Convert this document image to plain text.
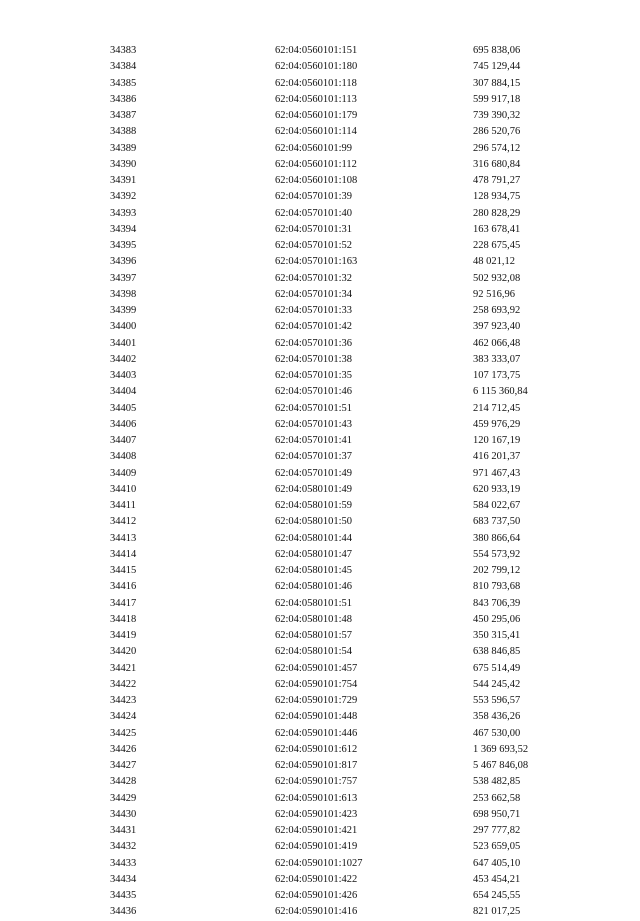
34383	62:04:0560101:151	695 838,06
34384	62:04:0560101:180	745 129,44
34385	62:04:0560101:118	307 884,15
34386	62:04:0560101:113	599 917,18
34387	62:04:0560101:179	739 390,32
34388	62:04:0560101:114	286 520,76
34389	62:04:0560101:99	296 574,12
34390	62:04:0560101:112	316 680,84
34391	62:04:0560101:108	478 791,27
34392	62:04:0570101:39	128 934,75
34393	62:04:0570101:40	280 828,29
34394	62:04:0570101:31	163 678,41
34395	62:04:0570101:52	228 675,45
34396	62:04:0570101:163	48 021,12
34397	62:04:0570101:32	502 932,08
34398	62:04:0570101:34	92 516,96
34399	62:04:0570101:33	258 693,92
34400	62:04:0570101:42	397 923,40
34401	62:04:0570101:36	462 066,48
34402	62:04:0570101:38	383 333,07
34403	62:04:0570101:35	107 173,75
34404	62:04:0570101:46	6 115 360,84
34405	62:04:0570101:51	214 712,45
34406	62:04:0570101:43	459 976,29
34407	62:04:0570101:41	120 167,19
34408	62:04:0570101:37	416 201,37
34409	62:04:0570101:49	971 467,43
34410	62:04:0580101:49	620 933,19
34411	62:04:0580101:59	584 022,67
34412	62:04:0580101:50	683 737,50
34413	62:04:0580101:44	380 866,64
34414	62:04:0580101:47	554 573,92
34415	62:04:0580101:45	202 799,12
34416	62:04:0580101:46	810 793,68
34417	62:04:0580101:51	843 706,39
34418	62:04:0580101:48	450 295,06
34419	62:04:0580101:57	350 315,41
34420	62:04:0580101:54	638 846,85
34421	62:04:0590101:457	675 514,49
34422	62:04:0590101:754	544 245,42
34423	62:04:0590101:729	553 596,57
34424	62:04:0590101:448	358 436,26
34425	62:04:0590101:446	467 530,00
34426	62:04:0590101:612	1 369 693,52
34427	62:04:0590101:817	5 467 846,08
34428	62:04:0590101:757	538 482,85
34429	62:04:0590101:613	253 662,58
34430	62:04:0590101:423	698 950,71
34431	62:04:0590101:421	297 777,82
34432	62:04:0590101:419	523 659,05
34433	62:04:0590101:1027	647 405,10
34434	62:04:0590101:422	453 454,21
34435	62:04:0590101:426	654 245,55
34436	62:04:0590101:416	821 017,25
